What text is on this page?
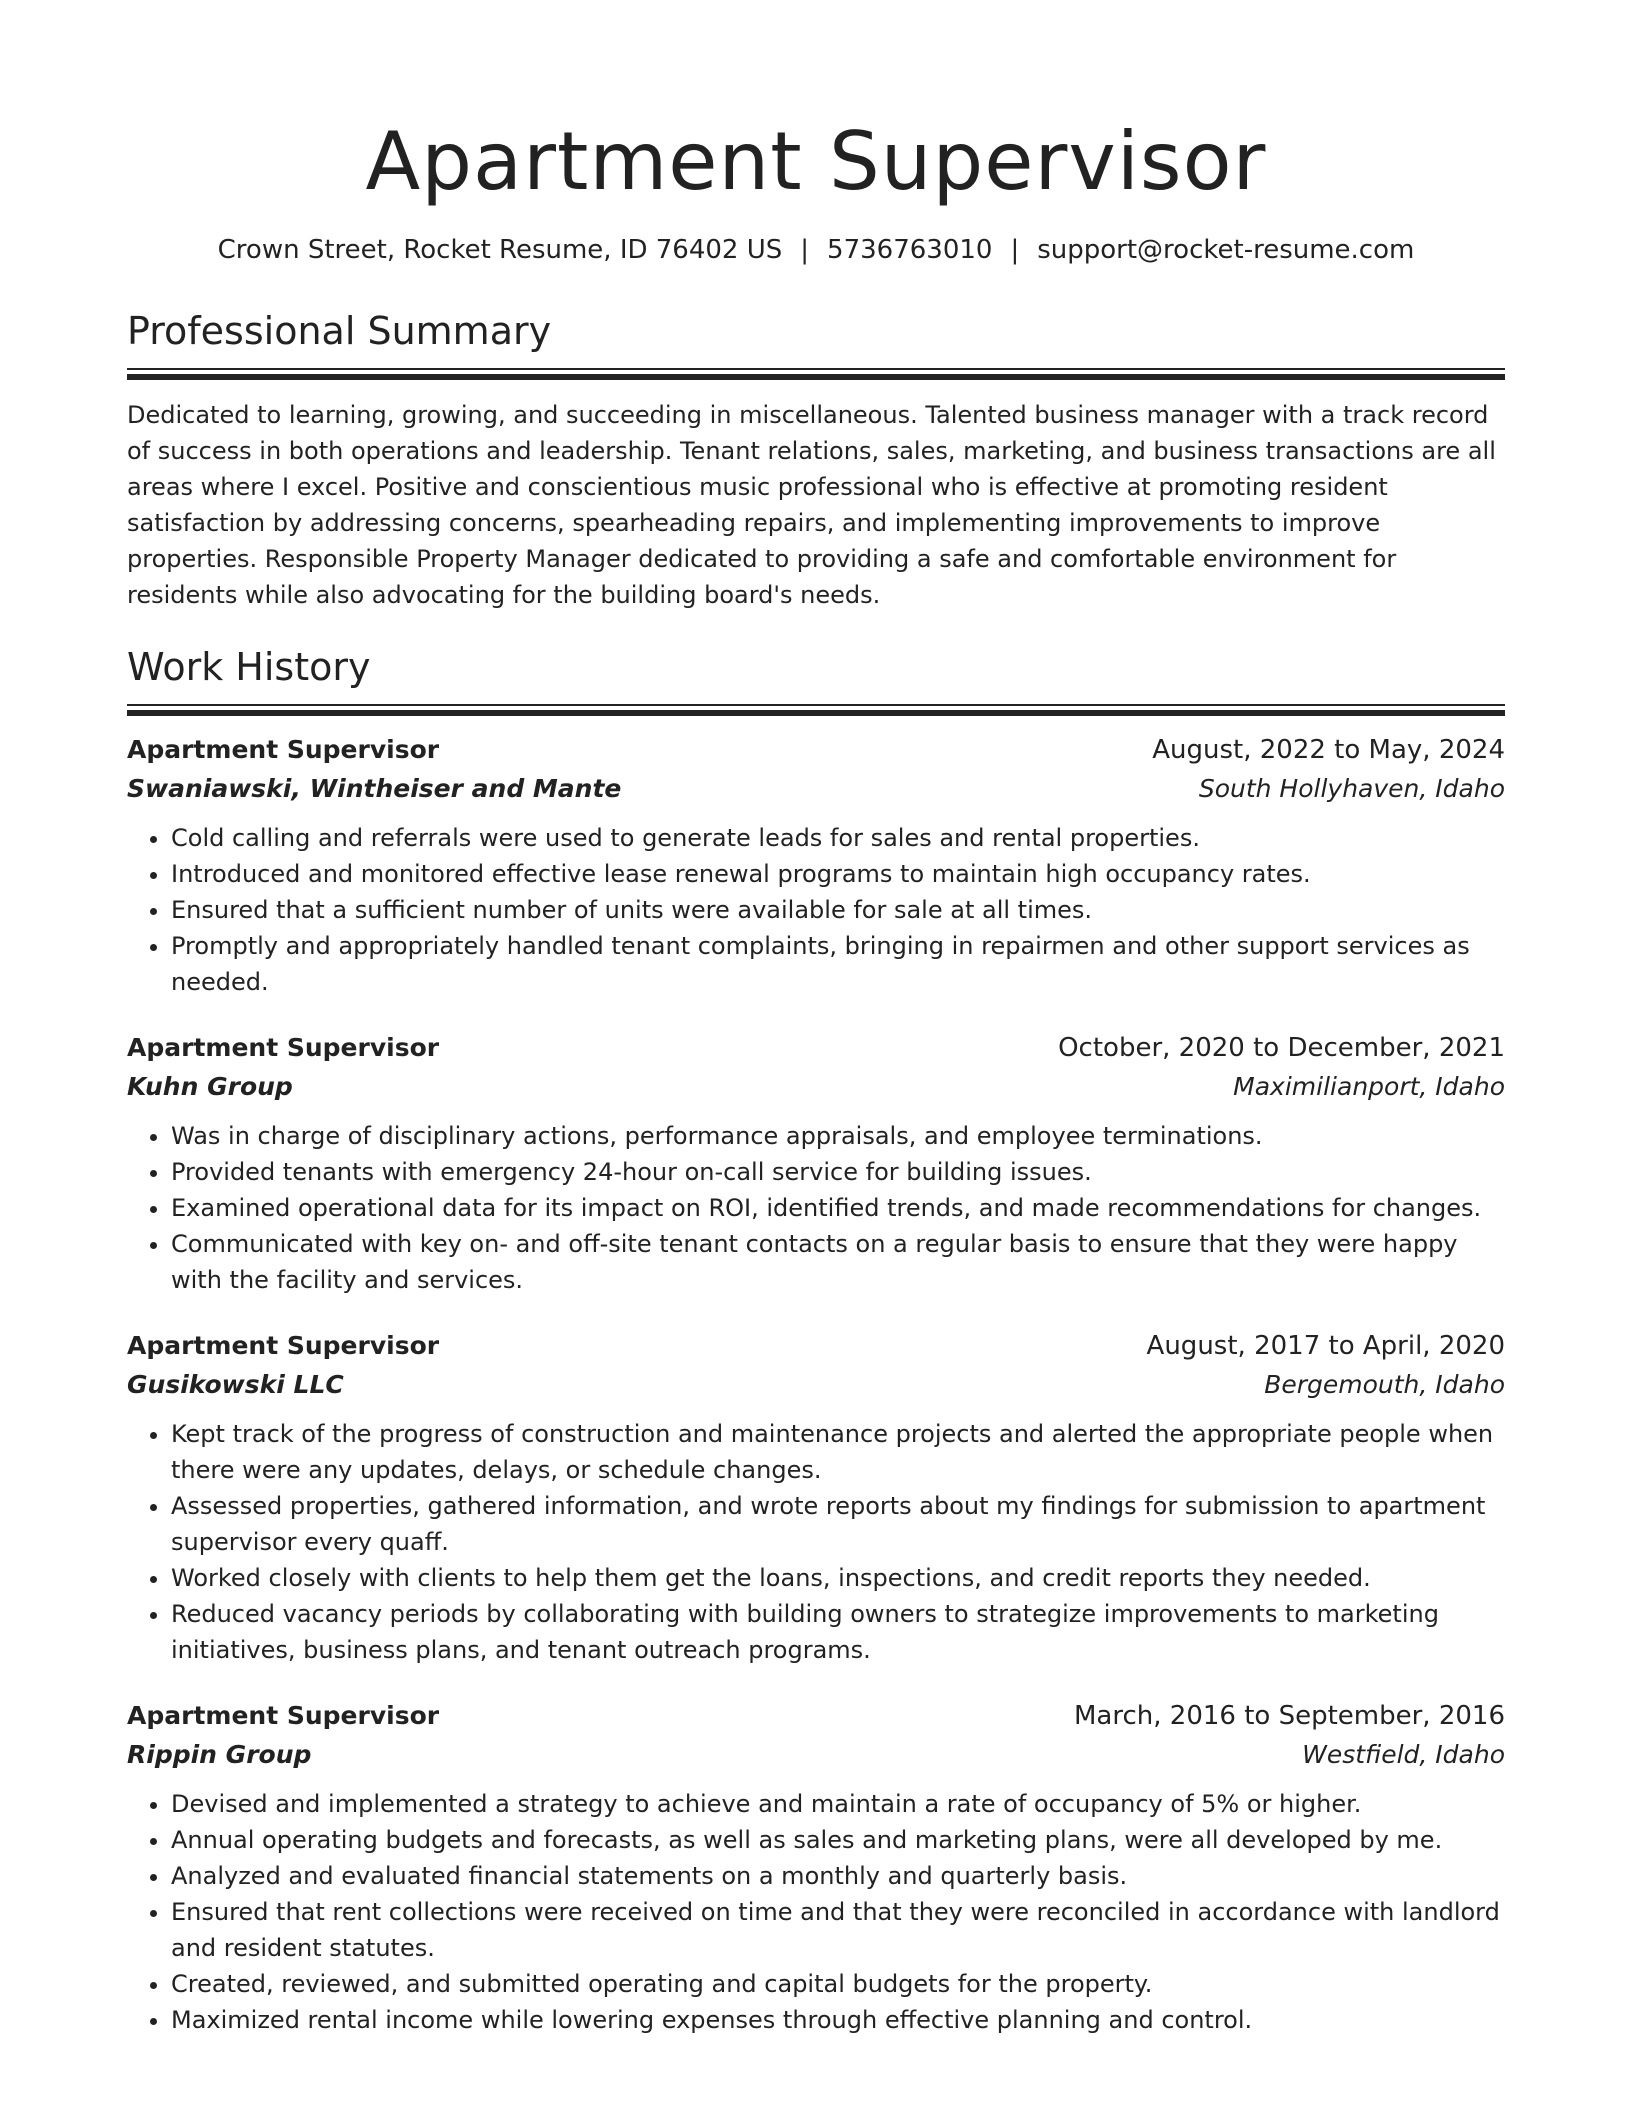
Apartment Supervisor
Crown Street, Rocket Resume, ID 76402 US | 5736763010 | support@rocket-resume.com
Professional Summary
Dedicated to learning, growing, and succeeding in miscellaneous. Talented business manager with a track record of success in both operations and leadership. Tenant relations, sales, marketing, and business transactions are all areas where I excel. Positive and conscientious music professional who is effective at promoting resident satisfaction by addressing concerns, spearheading repairs, and implementing improvements to improve properties. Responsible Property Manager dedicated to providing a safe and comfortable environment for residents while also advocating for the building board's needs.
Work History
Apartment Supervisor	August, 2022 to May, 2024
Swaniawski, Wintheiser and Mante	South Hollyhaven, Idaho
• Cold calling and referrals were used to generate leads for sales and rental properties.
• Introduced and monitored effective lease renewal programs to maintain high occupancy rates.
• Ensured that a sufficient number of units were available for sale at all times.
• Promptly and appropriately handled tenant complaints, bringing in repairmen and other support services as needed.
Apartment Supervisor	October, 2020 to December, 2021
Kuhn Group	Maximilianport, Idaho
• Was in charge of disciplinary actions, performance appraisals, and employee terminations.
• Provided tenants with emergency 24-hour on-call service for building issues.
• Examined operational data for its impact on ROI, identified trends, and made recommendations for changes.
• Communicated with key on- and off-site tenant contacts on a regular basis to ensure that they were happy with the facility and services.
Apartment Supervisor	August, 2017 to April, 2020
Gusikowski LLC	Bergemouth, Idaho
• Kept track of the progress of construction and maintenance projects and alerted the appropriate people when there were any updates, delays, or schedule changes.
• Assessed properties, gathered information, and wrote reports about my findings for submission to apartment supervisor every quaff.
• Worked closely with clients to help them get the loans, inspections, and credit reports they needed.
• Reduced vacancy periods by collaborating with building owners to strategize improvements to marketing initiatives, business plans, and tenant outreach programs.
Apartment Supervisor	March, 2016 to September, 2016
Rippin Group	Westfield, Idaho
• Devised and implemented a strategy to achieve and maintain a rate of occupancy of 5% or higher.
• Annual operating budgets and forecasts, as well as sales and marketing plans, were all developed by me.
• Analyzed and evaluated financial statements on a monthly and quarterly basis.
• Ensured that rent collections were received on time and that they were reconciled in accordance with landlord and resident statutes.
• Created, reviewed, and submitted operating and capital budgets for the property.
• Maximized rental income while lowering expenses through effective planning and control.
